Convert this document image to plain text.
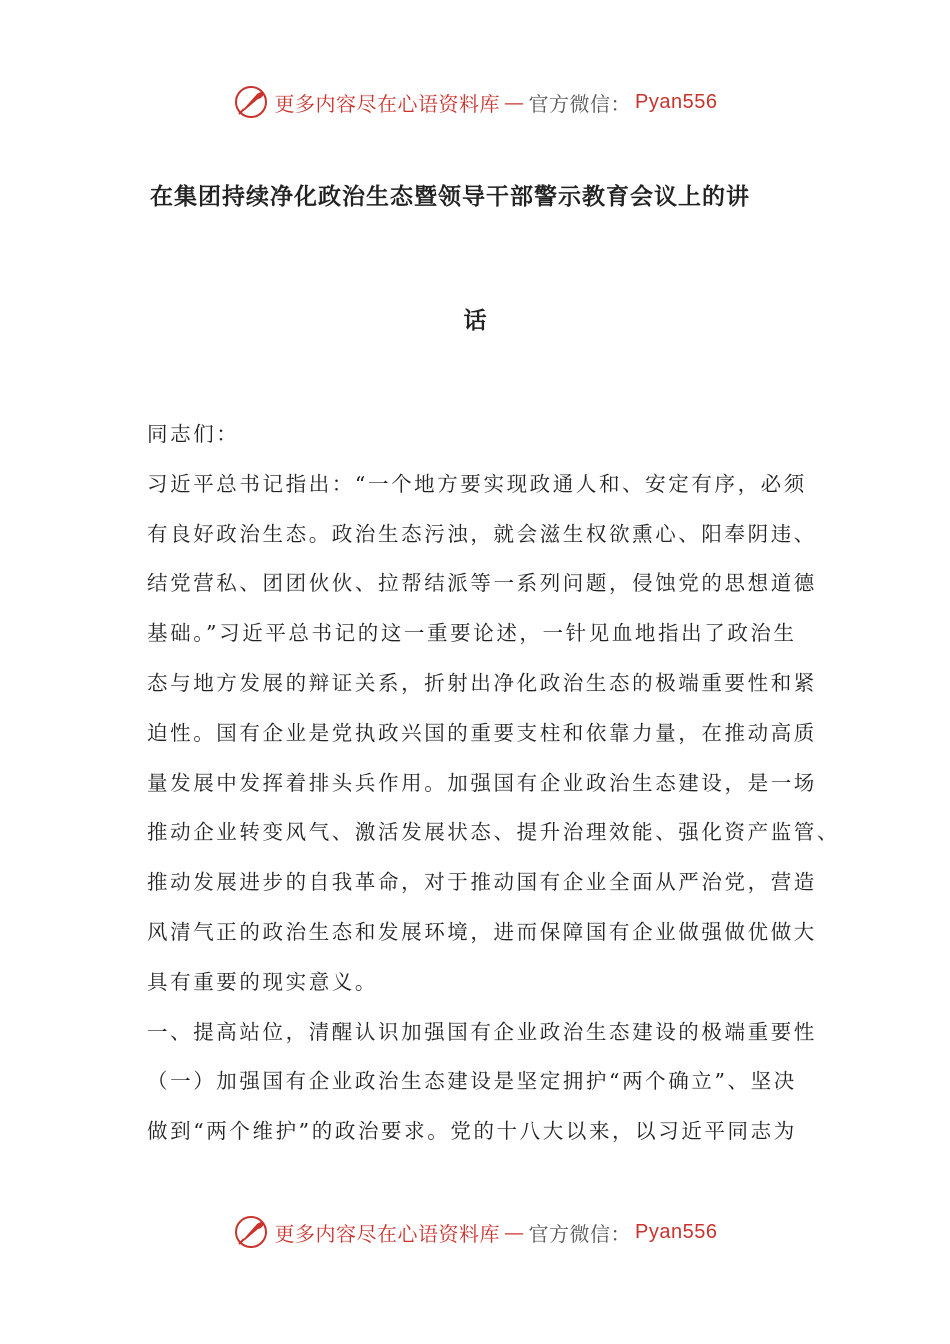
更多内容尽在心语资料库 — 官方微信： Pyan556
在集团持续净化政治生态暨领导干部警示教育会议上的讲
话
同志们：
习近平总书记指出：“一个地方要实现政通人和、安定有序，必须
有良好政治生态。政治生态污浊，就会滋生权欲熏心、阳奉阴违、
结党营私、团团伙伙、拉帮结派等一系列问题，侵蚀党的思想道德
基础。”习近平总书记的这一重要论述，一针见血地指出了政治生
态与地方发展的辩证关系，折射出净化政治生态的极端重要性和紧
迫性。国有企业是党执政兴国的重要支柱和依靠力量，在推动高质
量发展中发挥着排头兵作用。加强国有企业政治生态建设，是一场
推动企业转变风气、激活发展状态、提升治理效能、强化资产监管、
推动发展进步的自我革命，对于推动国有企业全面从严治党，营造
风清气正的政治生态和发展环境，进而保障国有企业做强做优做大
具有重要的现实意义。
一、提高站位，清醒认识加强国有企业政治生态建设的极端重要性
（一）加强国有企业政治生态建设是坚定拥护“两个确立”、坚决
做到“两个维护”的政治要求。党的十八大以来，以习近平同志为
更多内容尽在心语资料库 — 官方微信： Pyan556
